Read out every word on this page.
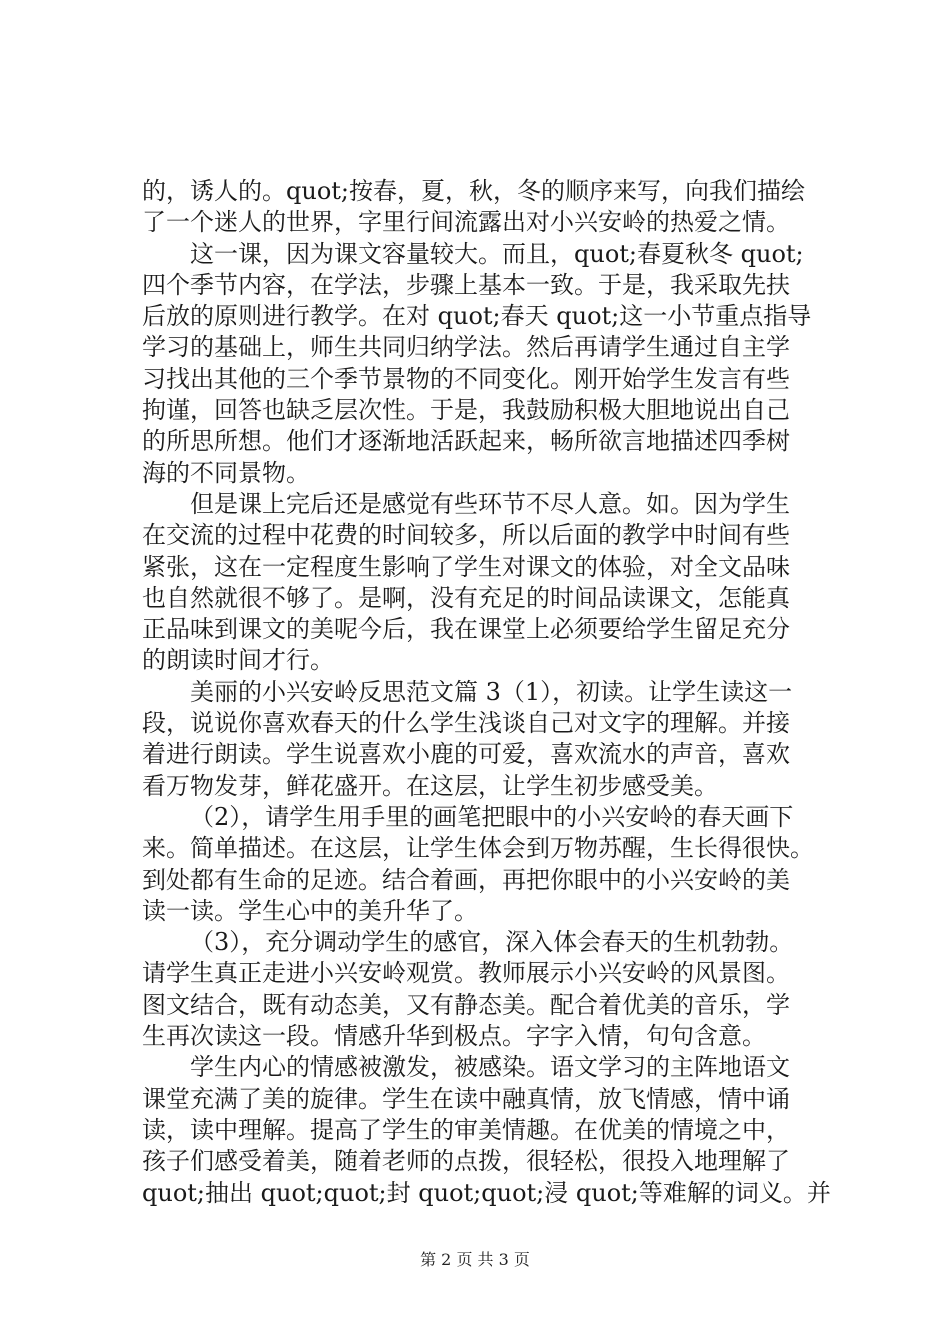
的，诱人的。quot;按春，夏，秋，冬的顺序来写，向我们描绘
了一个迷人的世界，字里行间流露出对小兴安岭的热爱之情。
这一课，因为课文容量较大。而且，quot;春夏秋冬 quot;
四个季节内容，在学法，步骤上基本一致。于是，我采取先扶
后放的原则进行教学。在对 quot;春天 quot;这一小节重点指导
学习的基础上，师生共同归纳学法。然后再请学生通过自主学
习找出其他的三个季节景物的不同变化。刚开始学生发言有些
拘谨，回答也缺乏层次性。于是，我鼓励积极大胆地说出自己
的所思所想。他们才逐渐地活跃起来，畅所欲言地描述四季树
海的不同景物。
但是课上完后还是感觉有些环节不尽人意。如。因为学生
在交流的过程中花费的时间较多，所以后面的教学中时间有些
紧张，这在一定程度生影响了学生对课文的体验，对全文品味
也自然就很不够了。是啊，没有充足的时间品读课文，怎能真
正品味到课文的美呢今后，我在课堂上必须要给学生留足充分
的朗读时间才行。
美丽的小兴安岭反思范文篇 3（1），初读。让学生读这一
段，说说你喜欢春天的什么学生浅谈自己对文字的理解。并接
着进行朗读。学生说喜欢小鹿的可爱，喜欢流水的声音，喜欢
看万物发芽，鲜花盛开。在这层，让学生初步感受美。
（2），请学生用手里的画笔把眼中的小兴安岭的春天画下
来。简单描述。在这层，让学生体会到万物苏醒，生长得很快。
到处都有生命的足迹。结合着画，再把你眼中的小兴安岭的美
读一读。学生心中的美升华了。
（3），充分调动学生的感官，深入体会春天的生机勃勃。
请学生真正走进小兴安岭观赏。教师展示小兴安岭的风景图。
图文结合，既有动态美，又有静态美。配合着优美的音乐，学
生再次读这一段。情感升华到极点。字字入情，句句含意。
学生内心的情感被激发，被感染。语文学习的主阵地语文
课堂充满了美的旋律。学生在读中融真情，放飞情感，情中诵
读，读中理解。提高了学生的审美情趣。在优美的情境之中，
孩子们感受着美，随着老师的点拨，很轻松，很投入地理解了
quot;抽出 quot;quot;封 quot;quot;浸 quot;等难解的词义。并
第 2 页 共 3 页
